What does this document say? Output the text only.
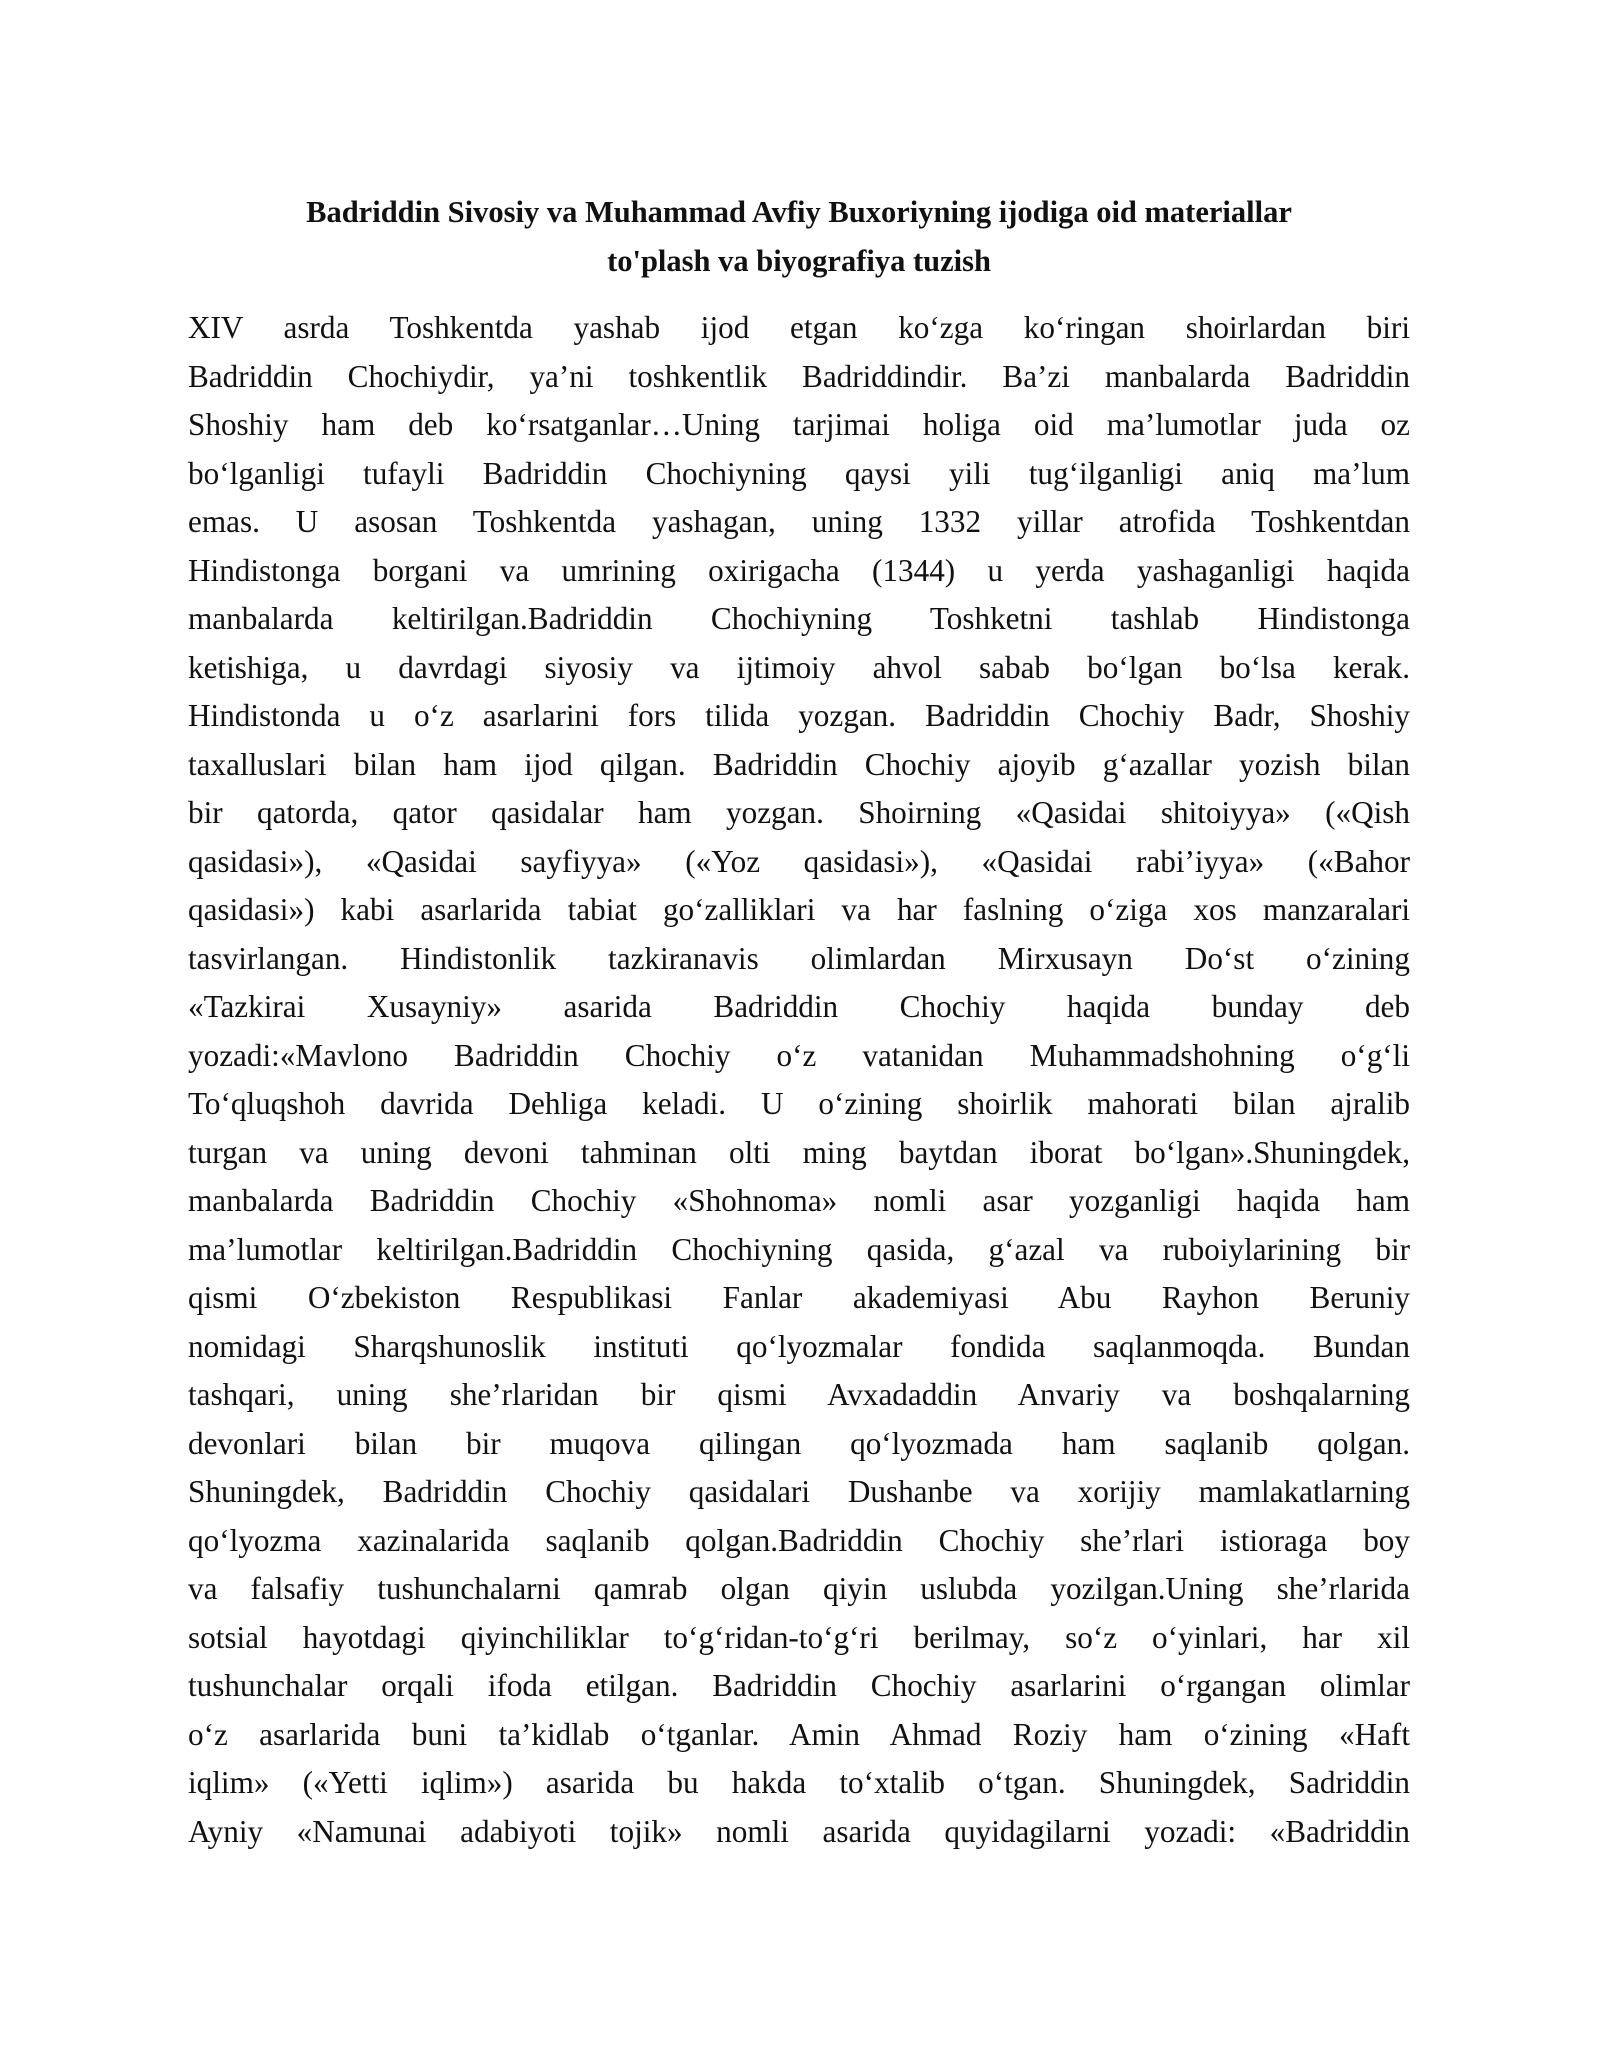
Badriddin Sivosiy va Muhammad Avfiy Buxoriyning ijodiga oid materiallar
to'plash va biyografiya tuzish
XIV asrda Toshkentda yashab ijod etgan ko‘zga ko‘ringan shoirlardan biri
Badriddin Chochiydir, ya’ni toshkentlik Badriddindir. Ba’zi manbalarda Badriddin
Shoshiy ham deb ko‘rsatganlar…Uning tarjimai holiga oid ma’lumotlar juda oz
bo‘lganligi tufayli Badriddin Chochiyning qaysi yili tug‘ilganligi aniq ma’lum
emas. U asosan Toshkentda yashagan, uning 1332 yillar atrofida Toshkentdan
Hindistonga borgani va umrining oxirigacha (1344) u yerda yashaganligi haqida
manbalarda keltirilgan.Badriddin Chochiyning Toshketni tashlab Hindistonga
ketishiga, u davrdagi siyosiy va ijtimoiy ahvol sabab bo‘lgan bo‘lsa kerak.
Hindistonda u o‘z asarlarini fors tilida yozgan. Badriddin Chochiy Badr, Shoshiy
taxalluslari bilan ham ijod qilgan. Badriddin Chochiy ajoyib g‘azallar yozish bilan
bir qatorda, qator qasidalar ham yozgan. Shoirning «Qasidai shitoiyya» («Qish
qasidasi»), «Qasidai sayfiyya» («Yoz qasidasi»), «Qasidai rabi’iyya» («Bahor
qasidasi») kabi asarlarida tabiat go‘zalliklari va har faslning o‘ziga xos manzaralari
tasvirlangan. Hindistonlik tazkiranavis olimlardan Mirxusayn Do‘st o‘zining
«Tazkirai Xusayniy» asarida Badriddin Chochiy haqida bunday deb
yozadi:«Mavlono Badriddin Chochiy o‘z vatanidan Muhammadshohning o‘g‘li
To‘qluqshoh davrida Dehliga keladi. U o‘zining shoirlik mahorati bilan ajralib
turgan va uning devoni tahminan olti ming baytdan iborat bo‘lgan».Shuningdek,
manbalarda Badriddin Chochiy «Shohnoma» nomli asar yozganligi haqida ham
ma’lumotlar keltirilgan.Badriddin Chochiyning qasida, g‘azal va ruboiylarining bir
qismi O‘zbekiston Respublikasi Fanlar akademiyasi Abu Rayhon Beruniy
nomidagi Sharqshunoslik instituti qo‘lyozmalar fondida saqlanmoqda. Bundan
tashqari, uning she’rlaridan bir qismi Avxadaddin Anvariy va boshqalarning
devonlari bilan bir muqova qilingan qo‘lyozmada ham saqlanib qolgan.
Shuningdek, Badriddin Chochiy qasidalari Dushanbe va xorijiy mamlakatlarning
qo‘lyozma xazinalarida saqlanib qolgan.Badriddin Chochiy she’rlari istioraga boy
va falsafiy tushunchalarni qamrab olgan qiyin uslubda yozilgan.Uning she’rlarida
sotsial hayotdagi qiyinchiliklar to‘g‘ridan-to‘g‘ri berilmay, so‘z o‘yinlari, har xil
tushunchalar orqali ifoda etilgan. Badriddin Chochiy asarlarini o‘rgangan olimlar
o‘z asarlarida buni ta’kidlab o‘tganlar. Amin Ahmad Roziy ham o‘zining «Haft
iqlim» («Yetti iqlim») asarida bu hakda to‘xtalib o‘tgan. Shuningdek, Sadriddin
Ayniy «Namunai adabiyoti tojik» nomli asarida quyidagilarni yozadi: «Badriddin
